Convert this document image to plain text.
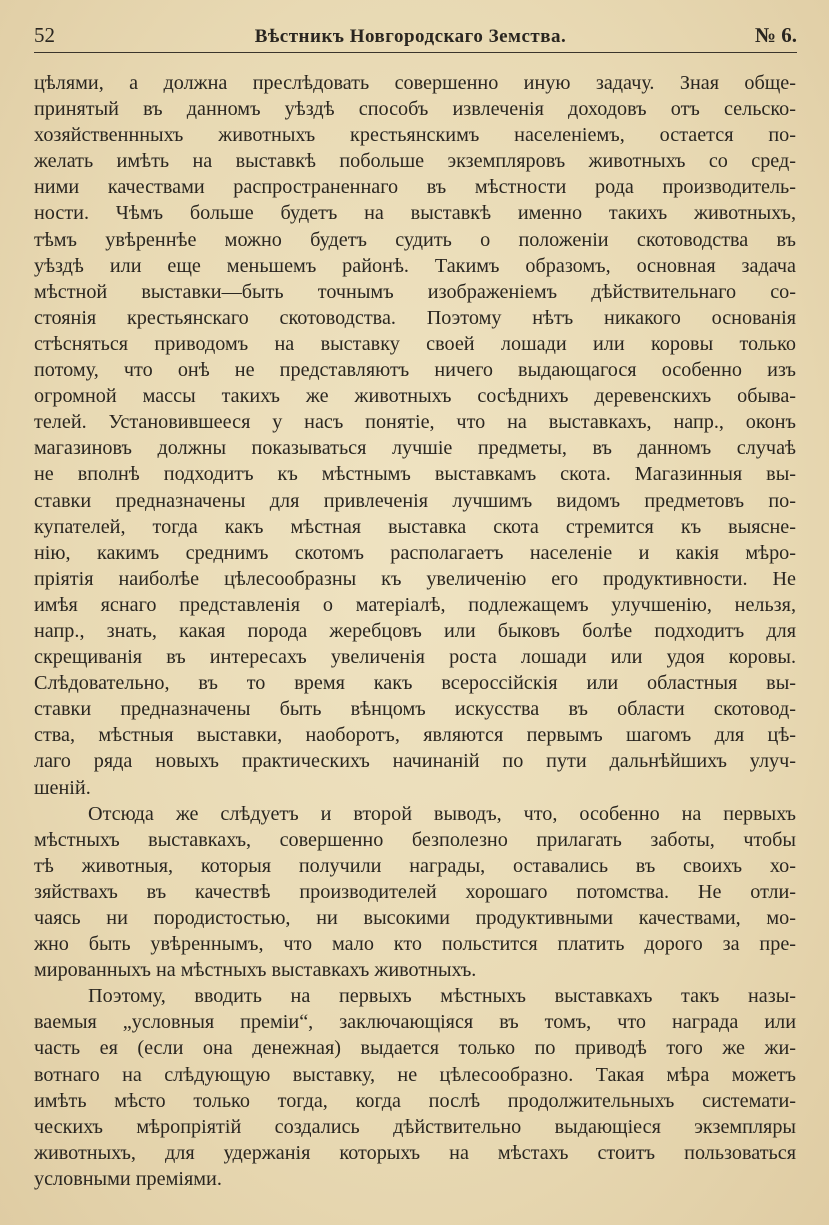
52	Вѣстникъ Новгородскаго Земства.	№ 6.
цѣлями, а должна преслѣдовать совершенно иную задачу. Зная обще-
принятый въ данномъ уѣздѣ способъ извлеченія доходовъ отъ сельско-
хозяйственнныхъ животныхъ крестьянскимъ населеніемъ, остается по-
желать имѣть на выставкѣ побольше экземпляровъ животныхъ со сред-
ними качествами распространеннаго въ мѣстности рода производитель-
ности. Чѣмъ больше будетъ на выставкѣ именно такихъ животныхъ,
тѣмъ увѣреннѣе можно будетъ судить о положеніи скотоводства въ
уѣздѣ или еще меньшемъ районѣ. Такимъ образомъ, основная задача
мѣстной выставки—быть точнымъ изображеніемъ дѣйствительнаго со-
стоянія крестьянскаго скотоводства. Поэтому нѣтъ никакого основанія
стѣсняться приводомъ на выставку своей лошади или коровы только
потому, что онѣ не представляютъ ничего выдающагося особенно изъ
огромной массы такихъ же животныхъ сосѣднихъ деревенскихъ обыва-
телей. Установившееся у насъ понятіе, что на выставкахъ, напр., оконъ
магазиновъ должны показываться лучшіе предметы, въ данномъ случаѣ
не вполнѣ подходитъ къ мѣстнымъ выставкамъ скота. Магазинныя вы-
ставки предназначены для привлеченія лучшимъ видомъ предметовъ по-
купателей, тогда какъ мѣстная выставка скота стремится къ выясне-
нію, какимъ среднимъ скотомъ располагаетъ населеніе и какія мѣро-
пріятія наиболѣе цѣлесообразны къ увеличенію его продуктивности. Не
имѣя яснаго представленія о матеріалѣ, подлежащемъ улучшенію, нельзя,
напр., знать, какая порода жеребцовъ или быковъ болѣе подходитъ для
скрещиванія въ интересахъ увеличенія роста лошади или удоя коровы.
Слѣдовательно, въ то время какъ всероссійскія или областныя вы-
ставки предназначены быть вѣнцомъ искусства въ области скотовод-
ства, мѣстныя выставки, наоборотъ, являются первымъ шагомъ для цѣ-
лаго ряда новыхъ практическихъ начинаній по пути дальнѣйшихъ улуч-
шеній.
Отсюда же слѣдуетъ и второй выводъ, что, особенно на первыхъ
мѣстныхъ выставкахъ, совершенно безполезно прилагать заботы, чтобы
тѣ животныя, которыя получили награды, оставались въ своихъ хо-
зяйствахъ въ качествѣ производителей хорошаго потомства. Не отли-
чаясь ни породистостью, ни высокими продуктивными качествами, мо-
жно быть увѣреннымъ, что мало кто польстится платить дорого за пре-
мированныхъ на мѣстныхъ выставкахъ животныхъ.
Поэтому, вводить на первыхъ мѣстныхъ выставкахъ такъ назы-
ваемыя „условныя преміи“, заключающіяся въ томъ, что награда или
часть ея (если она денежная) выдается только по приводѣ того же жи-
вотнаго на слѣдующую выставку, не цѣлесообразно. Такая мѣра можетъ
имѣть мѣсто только тогда, когда послѣ продолжительныхъ системати-
ческихъ мѣропріятій создались дѣйствительно выдающіеся экземпляры
животныхъ, для удержанія которыхъ на мѣстахъ стоитъ пользоваться
условными преміями.
